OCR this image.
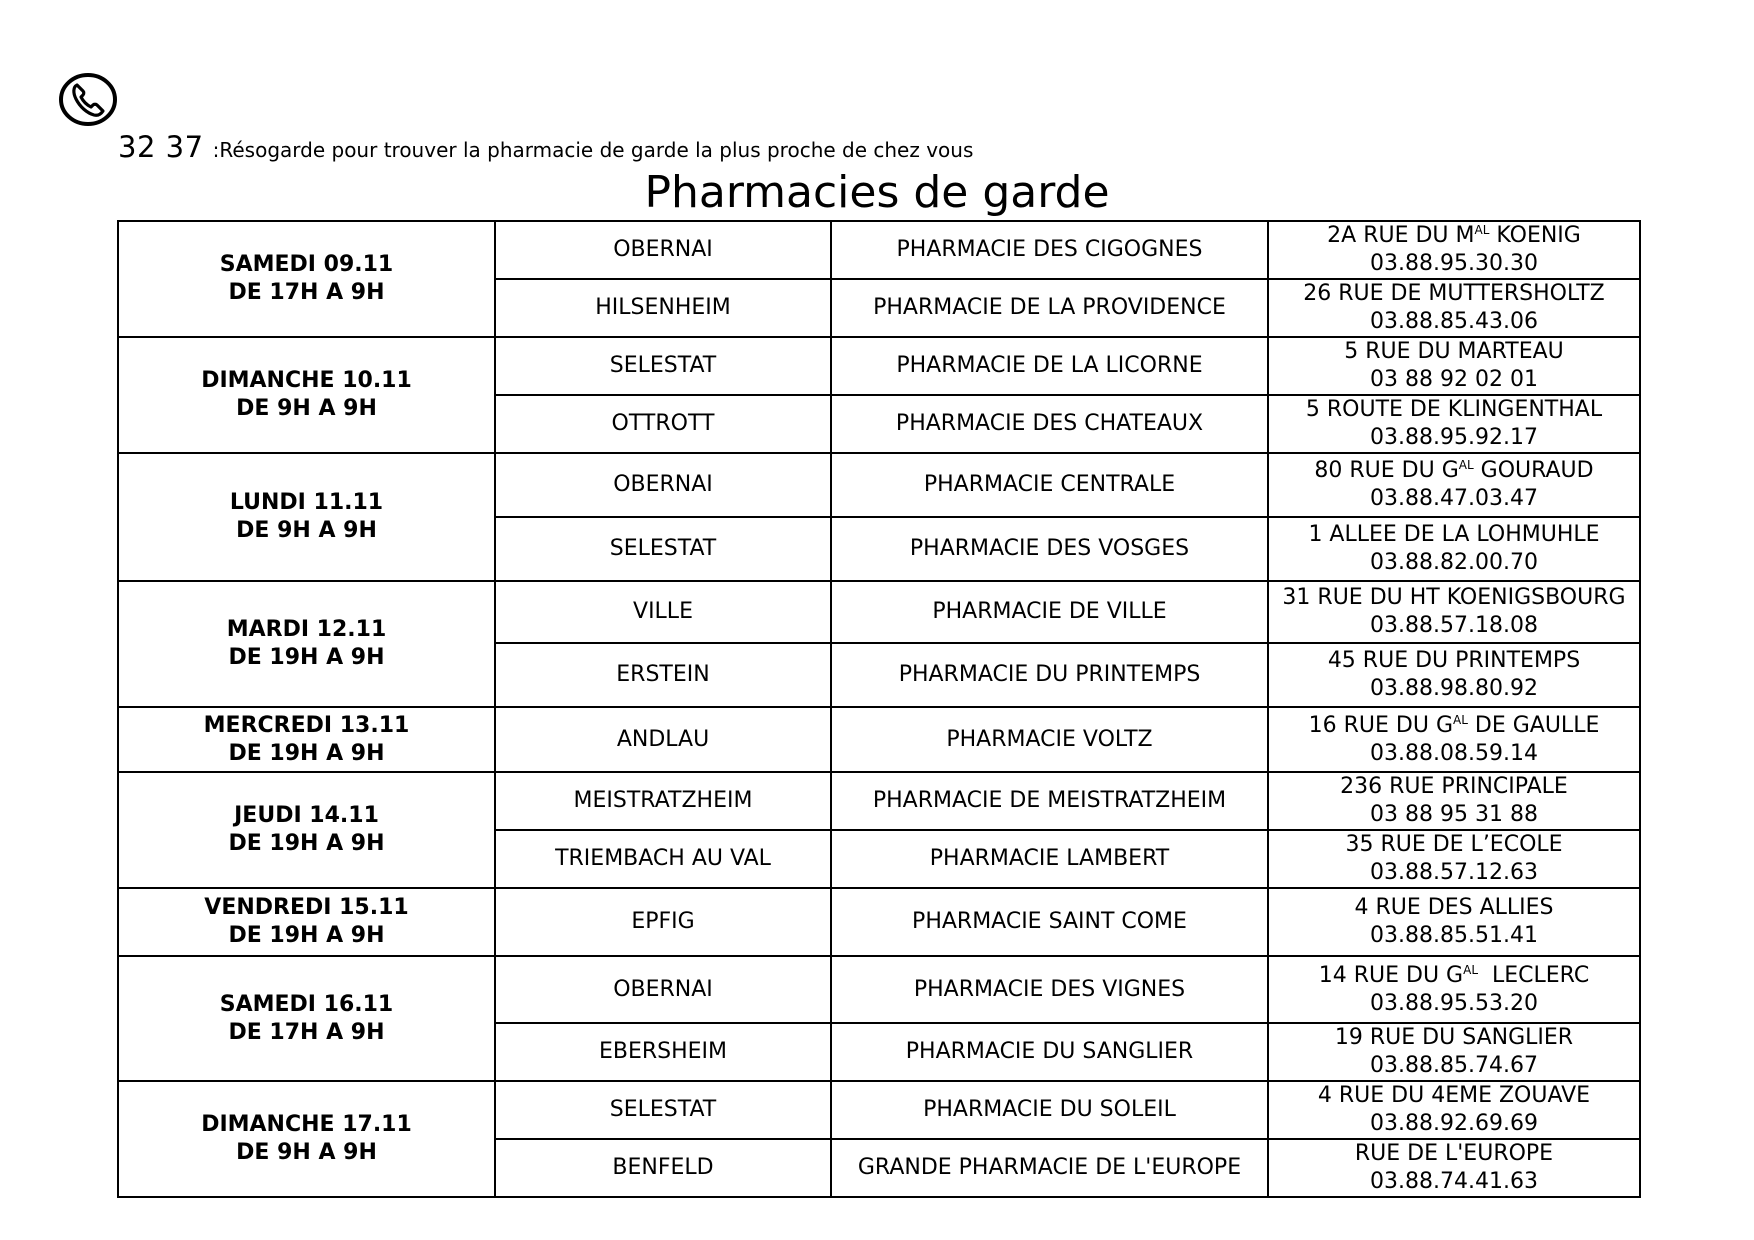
32 37 :Résogarde pour trouver la pharmacie de garde la plus proche de chez vous
Pharmacies de garde
SAMEDI 09.11
DE 17H A 9H	OBERNAI	PHARMACIE DES CIGOGNES	2A RUE DU $M^{AL}$ KOENIG
03.88.95.30.30

	HILSENHEIM	PHARMACIE DE LA PROVIDENCE	26 RUE DE MUTTERSHOLTZ
03.88.85.43.06

DIMANCHE 10.11
DE 9H A 9H	SELESTAT	PHARMACIE DE LA LICORNE	5 RUE DU MARTEAU
03 88 92 02 01

	OTTROTT	PHARMACIE DES CHATEAUX	5 ROUTE DE KLINGENTHAL
03.88.95.92.17

LUNDI 11.11
DE 9H A 9H	OBERNAI	PHARMACIE CENTRALE	80 RUE DU $G^{AL}$ GOURAUD
03.88.47.03.47

	SELESTAT	PHARMACIE DES VOSGES	1 ALLEE DE LA LOHMUHLE
03.88.82.00.70

MARDI 12.11
DE 19H A 9H	VILLE	PHARMACIE DE VILLE	31 RUE DU HT KOENIGSBOURG
03.88.57.18.08

	ERSTEIN	PHARMACIE DU PRINTEMPS	45 RUE DU PRINTEMPS
03.88.98.80.92

MERCREDI 13.11
DE 19H A 9H	ANDLAU	PHARMACIE VOLTZ	16 RUE DU $G^{AL}$ DE GAULLE
03.88.08.59.14

JEUDI 14.11
DE 19H A 9H	MEISTRATZHEIM	PHARMACIE DE MEISTRATZHEIM	236 RUE PRINCIPALE
03 88 95 31 88

	TRIEMBACH AU VAL	PHARMACIE LAMBERT	35 RUE DE L’ECOLE
03.88.57.12.63

VENDREDI 15.11
DE 19H A 9H	EPFIG	PHARMACIE SAINT COME	4 RUE DES ALLIES
03.88.85.51.41

SAMEDI 16.11
DE 17H A 9H	OBERNAI	PHARMACIE DES VIGNES	14 RUE DU $G^{AL}$  LECLERC
03.88.95.53.20

	EBERSHEIM	PHARMACIE DU SANGLIER	19 RUE DU SANGLIER
03.88.85.74.67

DIMANCHE 17.11
DE 9H A 9H	SELESTAT	PHARMACIE DU SOLEIL	4 RUE DU 4EME ZOUAVE
03.88.92.69.69

	BENFELD	GRANDE PHARMACIE DE L'EUROPE	RUE DE L'EUROPE
03.88.74.41.63
